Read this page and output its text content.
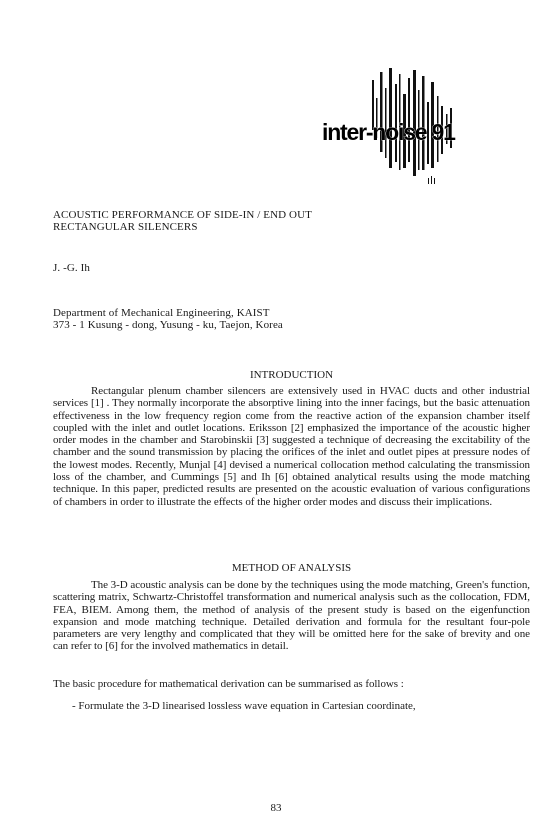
inter-noise 91

ACOUSTIC PERFORMANCE OF SIDE-IN / END OUT
RECTANGULAR SILENCERS

J. -G. Ih

Department of Mechanical Engineering, KAIST
373 - 1 Kusung - dong, Yusung - ku, Taejon, Korea

INTRODUCTION

Rectangular plenum chamber silencers are extensively used in HVAC ducts and other industrial services [1] . They normally incorporate the absorptive lining into the inner facings, but the basic attenuation effectiveness in the low frequency region come from the reactive action of the expansion chamber itself coupled with the inlet and outlet locations. Eriksson [2] emphasized the importance of the acoustic higher order modes in the chamber and Starobinskii [3] suggested a technique of decreasing the excitability of the chamber and the sound transmission by placing the orifices of the inlet and outlet pipes at pressure nodes of the lowest modes. Recently, Munjal [4] devised a numerical collocation method calculating the transmission loss of the chamber, and Cummings [5] and Ih [6] obtained analytical results using the mode matching technique. In this paper, predicted results are presented on the acoustic evaluation of various configurations of chambers in order to illustrate the effects of the higher order modes and discuss their implications.

METHOD OF ANALYSIS

The 3-D acoustic analysis can be done by the techniques using the mode matching, Green's function, scattering matrix, Schwartz-Christoffel transformation and numerical analysis such as the collocation, FDM, FEA, BIEM. Among them, the method of analysis of the present study is based on the eigenfunction expansion and mode matching technique. Detailed derivation and formula for the resultant four-pole parameters are very lengthy and complicated that they will be omitted here for the sake of brevity and one can refer to [6] for the involved mathematics in detail.

The basic procedure for mathematical derivation can be summarised as follows :

- Formulate the 3-D linearised lossless wave equation in Cartesian coordinate,

83
